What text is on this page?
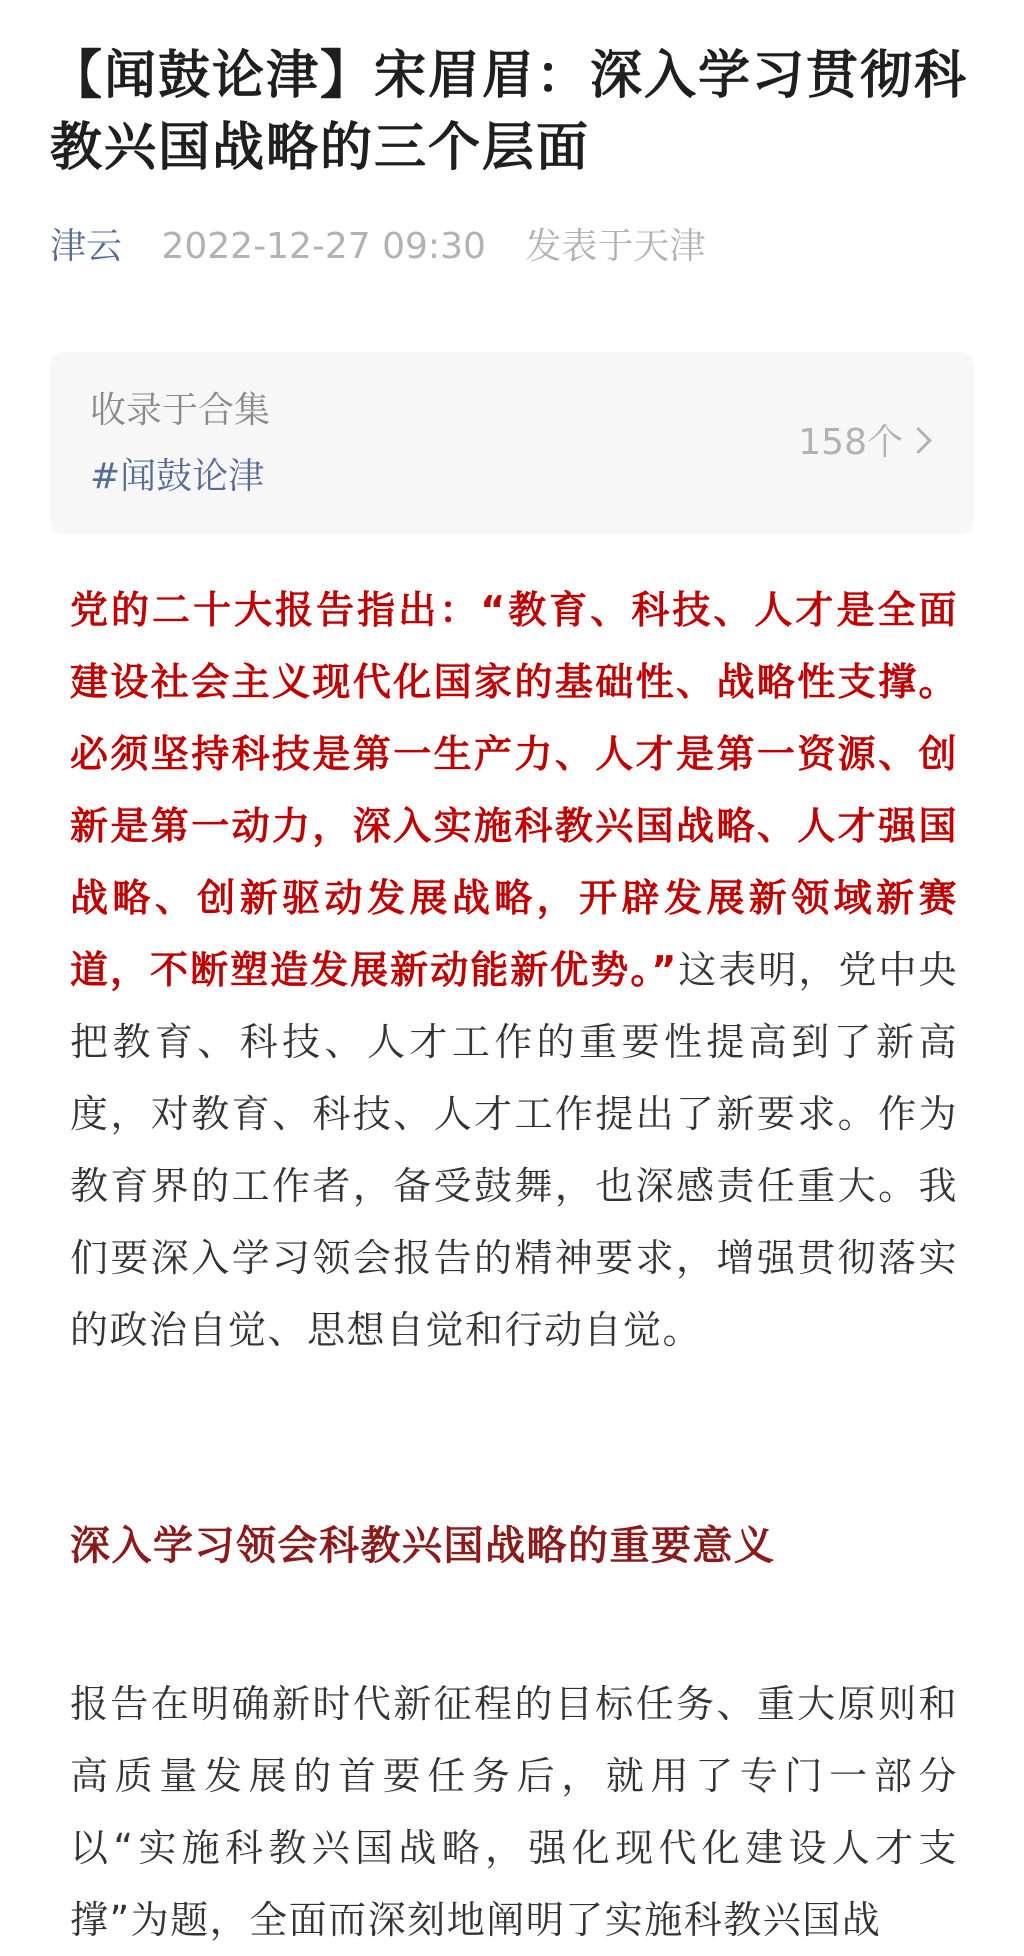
【闻鼓论津】宋眉眉：深入学习贯彻科教兴国战略的三个层面
津云 2022-12-27 09:30 发表于天津
收录于合集
#闻鼓论津
158个

党的二十大报告指出：“教育、科技、人才是全面建设社会主义现代化国家的基础性、战略性支撑。必须坚持科技是第一生产力、人才是第一资源、创新是第一动力，深入实施科教兴国战略、人才强国战略、创新驱动发展战略，开辟发展新领域新赛道，不断塑造发展新动能新优势。”这表明，党中央把教育、科技、人才工作的重要性提高到了新高度，对教育、科技、人才工作提出了新要求。作为教育界的工作者，备受鼓舞，也深感责任重大。我们要深入学习领会报告的精神要求，增强贯彻落实的政治自觉、思想自觉和行动自觉。

深入学习领会科教兴国战略的重要意义

报告在明确新时代新征程的目标任务、重大原则和高质量发展的首要任务后，就用了专门一部分以“实施科教兴国战略，强化现代化建设人才支撑”为题，全面而深刻地阐明了实施科教兴国战
